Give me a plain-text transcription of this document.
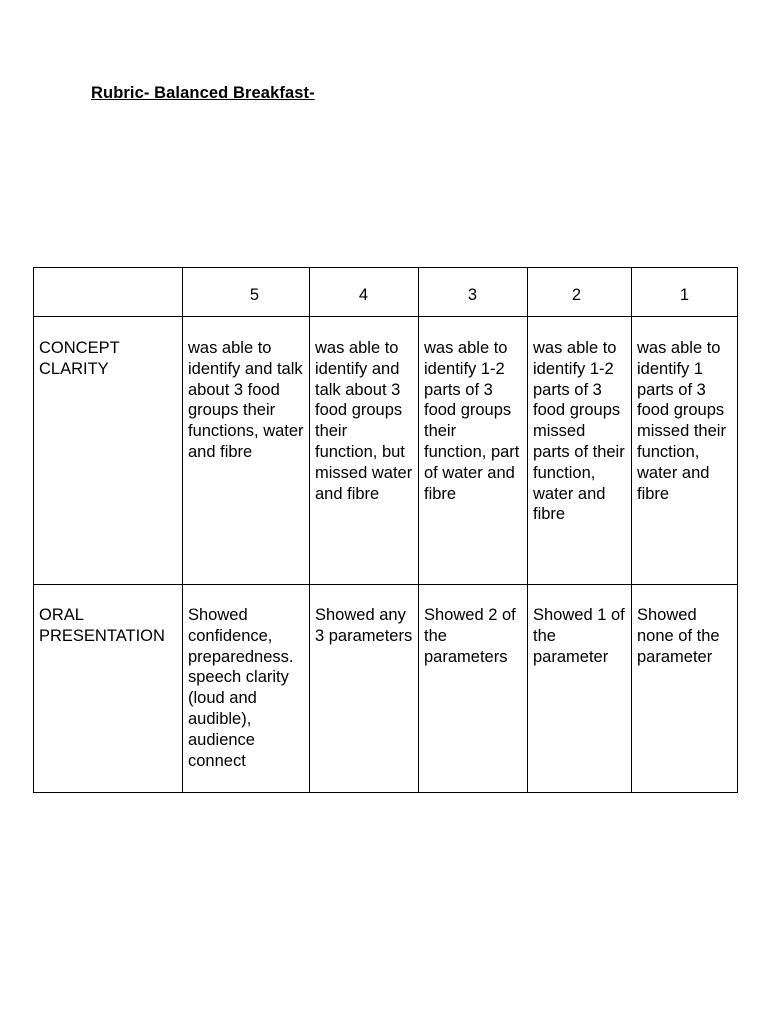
Rubric- Balanced Breakfast-
	5	4	3	2	1
CONCEPT CLARITY	was able to identify and talk about 3 food groups their functions, water and fibre	was able to identify and talk about 3 food groups their function, but missed water and fibre	was able to identify 1-2 parts of 3 food groups their function, part of water and fibre	was able to identify 1-2 parts of 3 food groups missed parts of their function, water and fibre	was able to identify 1 parts of 3 food groups missed their function, water and fibre

ORAL PRESENTATION	Showed confidence, preparedness. speech clarity (loud and audible), audience connect	Showed any 3 parameters	Showed 2 of the parameters	Showed 1 of the parameter	Showed none of the parameter
